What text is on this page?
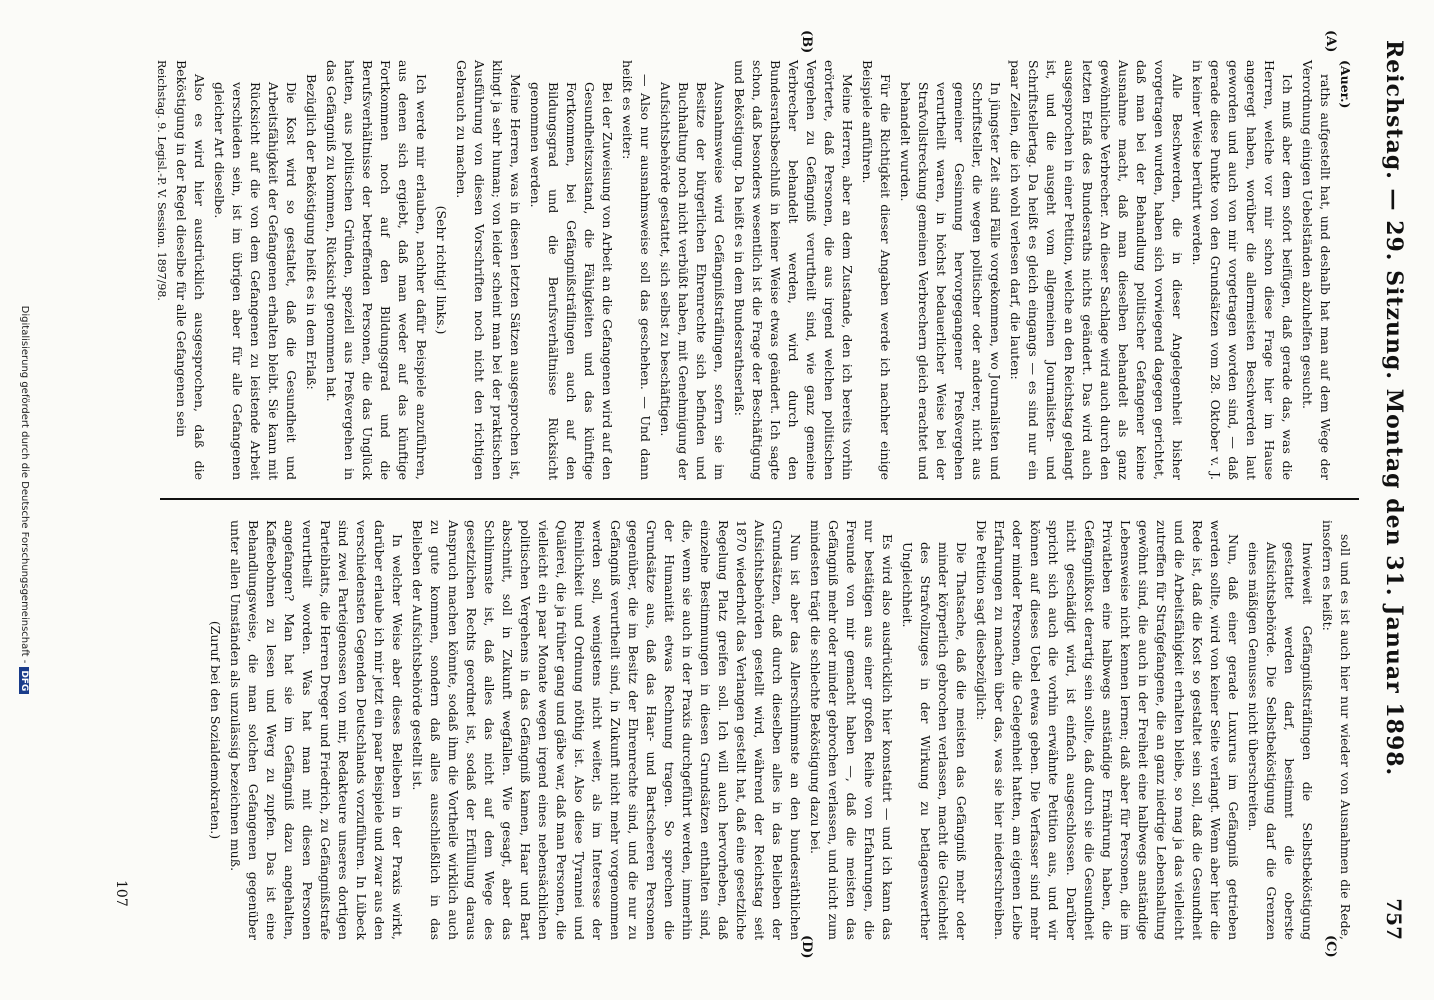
Reichstag. — 29. Sitzung. Montag den 31. Januar 1898.
757
(A)
(B)
(C)
(D)

(Auer.)

raths aufgestellt hat, und deshalb hat man auf dem Wege der Verordnung einigen Uebelständen abzuhelfen gesucht.

Ich muß aber dem sofort beifügen, daß gerade das, was die Herren, welche vor mir schon diese Frage hier im Hause angeregt haben, worüber die allermeisten Beschwerden laut geworden und auch von mir vorgetragen worden sind, — daß gerade diese Punkte von den Grundsätzen vom 28. Oktober v. J. in keiner Weise berührt werden.

Alle Beschwerden, die in dieser Angelegenheit bisher vorgetragen wurden, haben sich vorwiegend dagegen gerichtet, daß man bei der Behandlung politischer Gefangener keine Ausnahme macht, daß man dieselben behandelt als ganz gewöhnliche Verbrecher. An dieser Sachlage wird auch durch den letzten Erlaß des Bundesraths nichts geändert. Das wird auch ausgesprochen in einer Petition, welche an den Reichstag gelangt ist, und die ausgeht vom allgemeinen Journalisten- und Schriftstellertag. Da heißt es gleich eingangs — es sind nur ein paar Zeilen, die ich wohl verlesen darf, die lauten:

In jüngster Zeit sind Fälle vorgekommen, wo Journalisten und Schriftsteller, die wegen politischer oder anderer, nicht aus gemeiner Gesinnung hervorgegangener Preßvergehen verurtheilt waren, in höchst bedauerlicher Weise bei der Strafvollstreckung gemeinen Verbrechern gleich erachtet und behandelt wurden.

Für die Richtigkeit dieser Angaben werde ich nachher einige Beispiele anführen.

Meine Herren, aber an dem Zustande, den ich bereits vorhin erörterte, daß Personen, die aus irgend welchen politischen Vergehen zu Gefängniß verurtheilt sind, wie ganz gemeine Verbrecher behandelt werden, wird durch den Bundesrathsbeschluß in keiner Weise etwas geändert. Ich sagte schon, daß besonders wesentlich ist die Frage der Beschäftigung und Beköstigung. Da heißt es in dem Bundesrathserlaß:

Ausnahmsweise wird Gefängnißsträflingen, sofern sie im Besitze der bürgerlichen Ehrenrechte sich befinden und Buchhaltung noch nicht verbüßt haben, mit Genehmigung der Aufsichtsbehörde gestattet, sich selbst zu beschäftigen.

— Also nur ausnahmsweise soll das geschehen. — Und dann heißt es weiter:

Bei der Zuweisung von Arbeit an die Gefangenen wird auf den Gesundheitszustand, die Fähigkeiten und das künftige Fortkommen, bei Gefängnißsträflingen auch auf den Bildungsgrad und die Berufsverhältnisse Rücksicht genommen werden.

Meine Herren, was in diesen letzten Sätzen ausgesprochen ist, klingt ja sehr human; von leider scheint man bei der praktischen Ausführung von diesen Vorschriften noch nicht den richtigen Gebrauch zu machen.

(Sehr richtig! links.)

Ich werde mir erlauben, nachher dafür Beispiele anzuführen, aus denen sich ergiebt, daß man weder auf das künftige Fortkommen noch auf den Bildungsgrad und die Berufsverhältnisse der betreffenden Personen, die das Unglück hatten, aus politischen Gründen, speziell aus Preßvergehen in das Gefängniß zu kommen, Rücksicht genommen hat.

Bezüglich der Beköstigung heißt es in dem Erlaß:

Die Kost wird so gestaltet, daß die Gesundheit und Arbeitsfähigkeit der Gefangenen erhalten bleibt. Sie kann mit Rücksicht auf die von dem Gefangenen zu leistende Arbeit verschieden sein, ist im übrigen aber für alle Gefangenen gleicher Art dieselbe.

Also es wird hier ausdrücklich ausgesprochen, daß die Beköstigung in der Regel dieselbe für alle Gefangenen sein

Reichstag. 9. Legisl.-P. V. Session. 1897/98.

soll und es ist auch hier nur wieder von Ausnahmen die Rede, insofern es heißt:

Inwieweit Gefängnißsträflingen die Selbstbeköstigung gestattet werden darf, bestimmt die oberste Aufsichtsbehörde. Die Selbstbeköstigung darf die Grenzen eines mäßigen Genusses nicht überschreiten.

Nun, daß einer gerade Luxurus im Gefängniß getrieben werden sollte, wird von keiner Seite verlangt. Wenn aber hier die Rede ist, daß die Kost so gestaltet sein soll, daß die Gesundheit und die Arbeitsfähigkeit erhalten bleibe, so mag ja das vielleicht zutreffen für Strafgefangene, die an ganz niedrige Lebenshaltung gewöhnt sind, die auch in der Freiheit eine halbwegs anständige Lebensweise nicht kennen lernen; daß aber für Personen, die im Privatleben eine halbwegs anständige Ernährung haben, die Gefängnißkost derartig sein sollte, daß durch sie die Gesundheit nicht geschädigt wird, ist einfach ausgeschlossen. Darüber spricht sich auch die vorhin erwähnte Petition aus, und wir können auf dieses Uebel etwas geben. Die Verfasser sind mehr oder minder Personen, die Gelegenheit hatten, am eigenen Leibe Erfahrungen zu machen über das, was sie hier niederschreiben. Die Petition sagt diesbezüglich:

Die Thatsache, daß die meisten das Gefängniß mehr oder minder körperlich gebrochen verlassen, macht die Gleichheit des Strafvollzuges in der Wirkung zu betlagenswerther Ungleichheit.

Es wird also ausdrücklich hier konstatirt — und ich kann das nur bestätigen aus einer großen Reihe von Erfahrungen, die Freunde von mir gemacht haben —, daß die meisten das Gefängniß mehr oder minder gebrochen verlassen, und nicht zum mindesten trägt die schlechte Beköstigung dazu bei.

Nun ist aber das Allerschlimmste an den bundesräthlichen Grundsätzen, daß durch dieselben alles in das Belieben der Aufsichtsbehörden gestellt wird, während der Reichstag seit 1870 wiederholt das Verlangen gestellt hat, daß eine gesetzliche Regelung Platz greifen soll. Ich will auch hervorheben, daß einzelne Bestimmungen in diesen Grundsätzen enthalten sind, die, wenn sie auch in der Praxis durchgeführt werden, immerhin der Humanität etwas Rechnung tragen. So sprechen die Grundsätze aus, daß das Haar- und Bartscheeren Personen gegenüber, die im Besitz der Ehrenrechte sind, und die nur zu Gefängniß verurtheilt sind, in Zukunft nicht mehr vorgenommen werden soll, wenigstens nicht weiter, als im Interesse der Reinlichkeit und Ordnung nöthig ist. Also diese Tyrannei und Quälerei, die ja früher gang und gäbe war, daß man Personen, die vielleicht ein paar Monate wegen irgend eines nebensächlichen politischen Vergehens in das Gefängniß kamen, Haar und Bart abschnitt, soll in Zukunft wegfallen. Wie gesagt, aber das Schlimmste ist, daß alles das nicht auf dem Wege des gesetzlichen Rechts geordnet ist, sodaß der Erfüllung daraus Anspruch machen könnte, sodaß ihm die Vortheile wirklich auch zu gute kommen, sondern daß alles ausschließlich in das Belieben der Aufsichtsbehörde gestellt ist.

In welcher Weise aber dieses Belieben in der Praxis wirkt, darüber erlaube ich mir jetzt ein paar Beispiele und zwar aus den verschiedensten Gegenden Deutschlands vorzuführen. In Lübeck sind zwei Parteigenossen von mir, Redakteure unseres dortigen Parteiblatts, die Herren Dreger und Friedrich, zu Gefängnißstrafe verurtheilt worden. Was hat man mit diesen Personen angefangen? Man hat sie im Gefängniß dazu angehalten, Kaffeebohnen zu lesen und Werg zu zupfen. Das ist eine Behandlungsweise, die man solchen Gefangenen gegenüber unter allen Umständen als unzulässig bezeichnen muß.

(Zuruf bei den Sozialdemokraten.)

107
Digitalisierung gefördert durch die Deutsche Forschungsgemeinschaft -DFG
